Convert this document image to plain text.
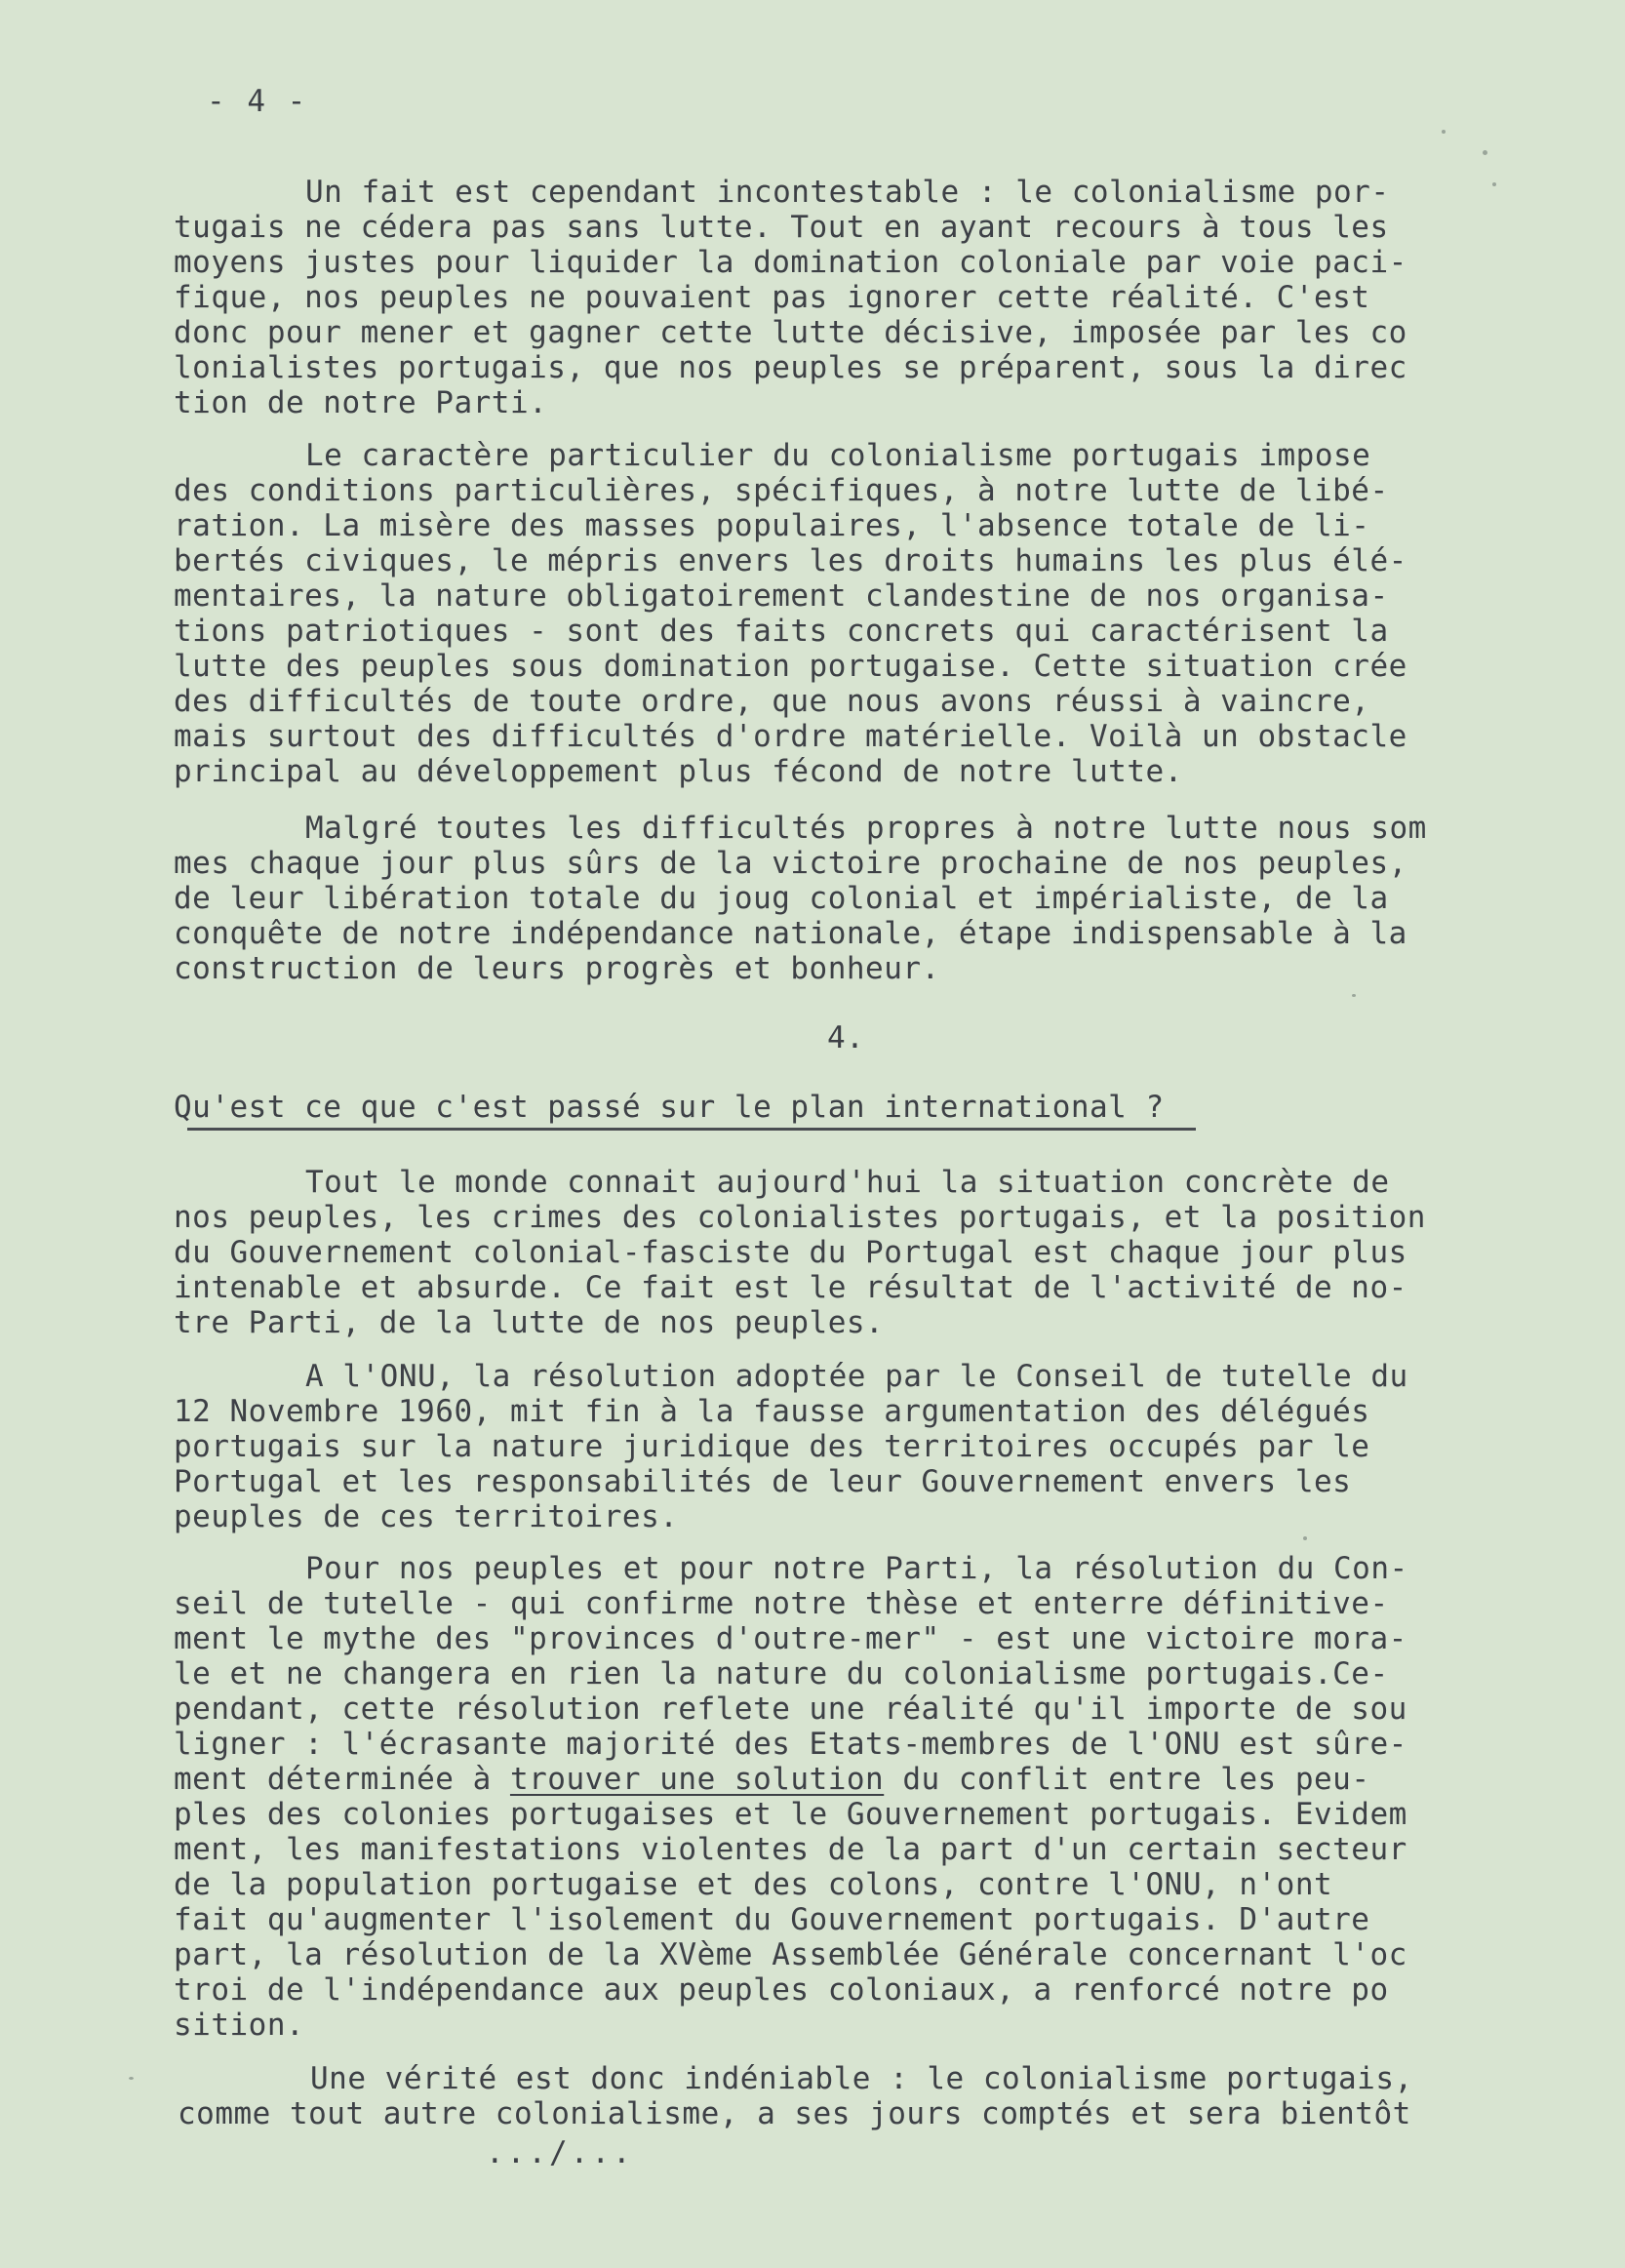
- 4 -
Un fait est cependant incontestable : le colonialisme por-
tugais ne cédera pas sans lutte. Tout en ayant recours à tous les
moyens justes pour liquider la domination coloniale par voie paci-
fique, nos peuples ne pouvaient pas ignorer cette réalité. C'est
donc pour mener et gagner cette lutte décisive, imposée par les co
lonialistes portugais, que nos peuples se préparent, sous la direc
tion de notre Parti.
Le caractère particulier du colonialisme portugais impose
des conditions particulières, spécifiques, à notre lutte de libé-
ration. La misère des masses populaires, l'absence totale de li-
bertés civiques, le mépris envers les droits humains les plus élé-
mentaires, la nature obligatoirement clandestine de nos organisa-
tions patriotiques - sont des faits concrets qui caractérisent la
lutte des peuples sous domination portugaise. Cette situation crée
des difficultés de toute ordre, que nous avons réussi à vaincre,
mais surtout des difficultés d'ordre matérielle. Voilà un obstacle
principal au développement plus fécond de notre lutte.
Malgré toutes les difficultés propres à notre lutte nous som
mes chaque jour plus sûrs de la victoire prochaine de nos peuples,
de leur libération totale du joug colonial et impérialiste, de la
conquête de notre indépendance nationale, étape indispensable à la
construction de leurs progrès et bonheur.
4.
Qu'est ce que c'est passé sur le plan international ?
Tout le monde connait aujourd'hui la situation concrète de
nos peuples, les crimes des colonialistes portugais, et la position
du Gouvernement colonial-fasciste du Portugal est chaque jour plus
intenable et absurde. Ce fait est le résultat de l'activité de no-
tre Parti, de la lutte de nos peuples.
A l'ONU, la résolution adoptée par le Conseil de tutelle du
12 Novembre 1960, mit fin à la fausse argumentation des délégués
portugais sur la nature juridique des territoires occupés par le
Portugal et les responsabilités de leur Gouvernement envers les
peuples de ces territoires.
Pour nos peuples et pour notre Parti, la résolution du Con-
seil de tutelle - qui confirme notre thèse et enterre définitive-
ment le mythe des "provinces d'outre-mer" - est une victoire mora-
le et ne changera en rien la nature du colonialisme portugais.Ce-
pendant, cette résolution reflete une réalité qu'il importe de sou
ligner : l'écrasante majorité des Etats-membres de l'ONU est sûre-
ment déterminée à trouver une solution du conflit entre les peu-
ples des colonies portugaises et le Gouvernement portugais. Evidem
ment, les manifestations violentes de la part d'un certain secteur
de la population portugaise et des colons, contre l'ONU, n'ont
fait qu'augmenter l'isolement du Gouvernement portugais. D'autre
part, la résolution de la XVème Assemblée Générale concernant l'oc
troi de l'indépendance aux peuples coloniaux, a renforcé notre po
sition.
Une vérité est donc indéniable : le colonialisme portugais,
comme tout autre colonialisme, a ses jours comptés et sera bientôt
.../...
